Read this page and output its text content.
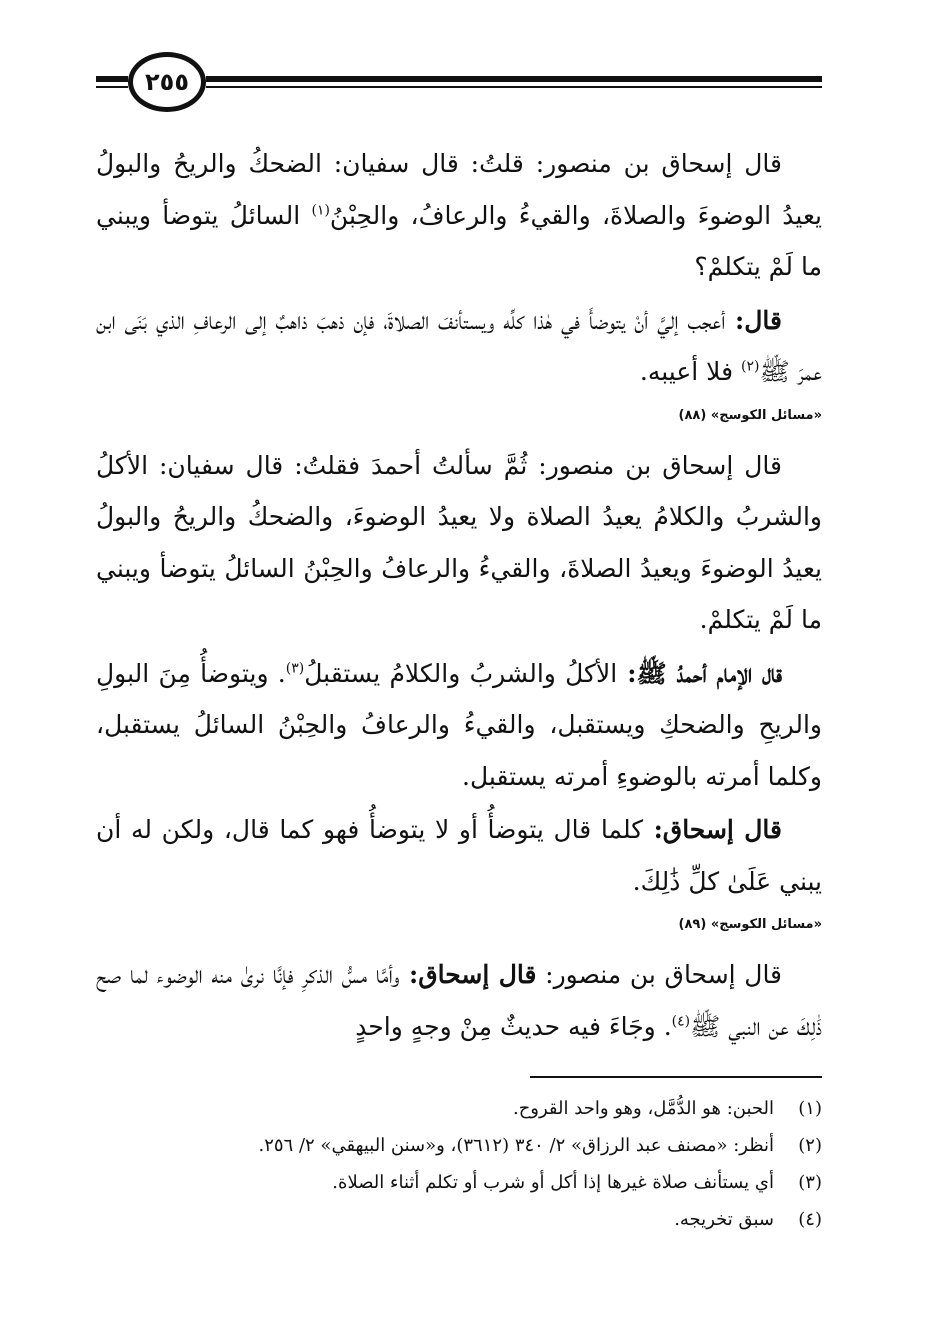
٢٥٥

قال إسحاق بن منصور: قلتُ: قال سفيان: الضحكُ والريحُ والبولُ يعيدُ الوضوءَ والصلاةَ، والقيءُ والرعافُ، والحِبْنُ$^{(١)}$ السائلُ يتوضأ ويبني ما لَمْ يتكلمْ؟

قال: أعجب إليَّ أنْ يتوضأَ في هٰذا كلِّه ويستأنفَ الصلاةَ، فإن ذهبَ ذاهبٌ إلى الرعافِ الذي بَنَى ابن عمرَ ﷺ$^{(٢)}$ فلا أعيبه.

«مسائل الكوسج» (٨٨)

قال إسحاق بن منصور: ثُمَّ سألتُ أحمدَ فقلتُ: قال سفيان: الأكلُ والشربُ والكلامُ يعيدُ الصلاة ولا يعيدُ الوضوءَ، والضحكُ والريحُ والبولُ يعيدُ الوضوءَ ويعيدُ الصلاةَ، والقيءُ والرعافُ والحِبْنُ السائلُ يتوضأ ويبني ما لَمْ يتكلمْ.

قال الإمام أحمدُ ﷺ: الأكلُ والشربُ والكلامُ يستقبلُ$^{(٣)}$. ويتوضأُ مِنَ البولِ والريحِ والضحكِ ويستقبل، والقيءُ والرعافُ والحِبْنُ السائلُ يستقبل، وكلما أمرته بالوضوءِ أمرته يستقبل.

قال إسحاق: كلما قال يتوضأُ أو لا يتوضأُ فهو كما قال، ولكن له أن يبني عَلَىٰ كلِّ ذَٰلِكَ.

«مسائل الكوسج» (٨٩)

قال إسحاق بن منصور: قال إسحاق: وأمَّا مسُّ الذكرِ فإنَّا نرىٰ منه الوضوء لما صح ذَٰلِكَ عن النبي ﷺ$^{(٤)}$. وجَاءَ فيه حديثٌ مِنْ وجهٍ واحدٍ

(١)
الحبن: هو الدُّمَّل، وهو واحد القروح.
(٢)
أنظر: «مصنف عبد الرزاق» ٢/ ٣٤٠ (٣٦١٢)، و«سنن البيهقي» ٢/ ٢٥٦.
(٣)
أي يستأنف صلاة غيرها إذا أكل أو شرب أو تكلم أثناء الصلاة.
(٤)
سبق تخريجه.
